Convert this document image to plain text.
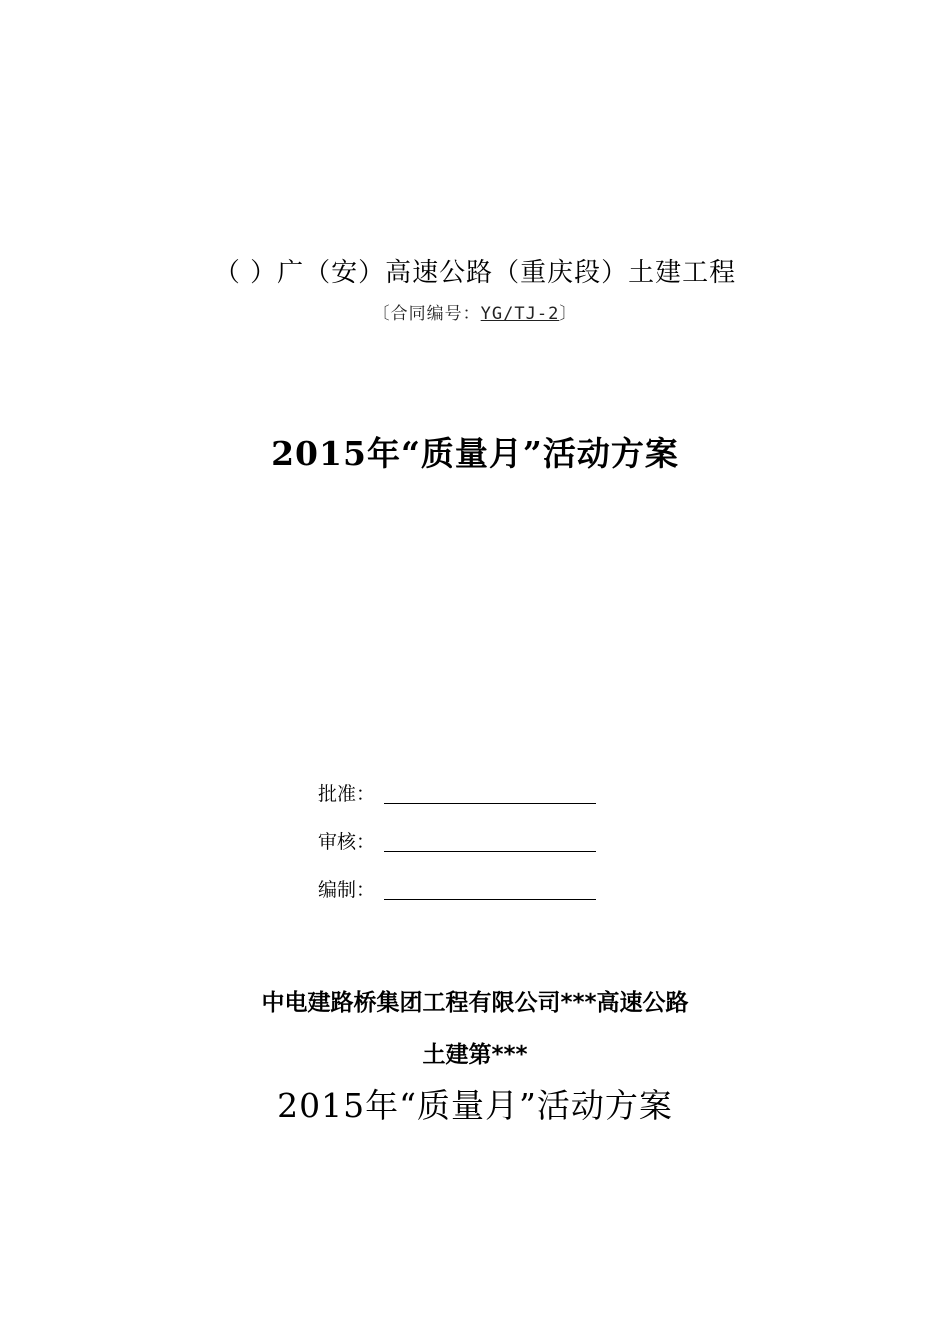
（ ）广（安）高速公路（重庆段）土建工程
〔合同编号：YG/TJ-2〕
2015年“质量月”活动方案
批准：
审核：
编制：
中电建路桥集团工程有限公司***高速公路
土建第***
2015年“质量月”活动方案
